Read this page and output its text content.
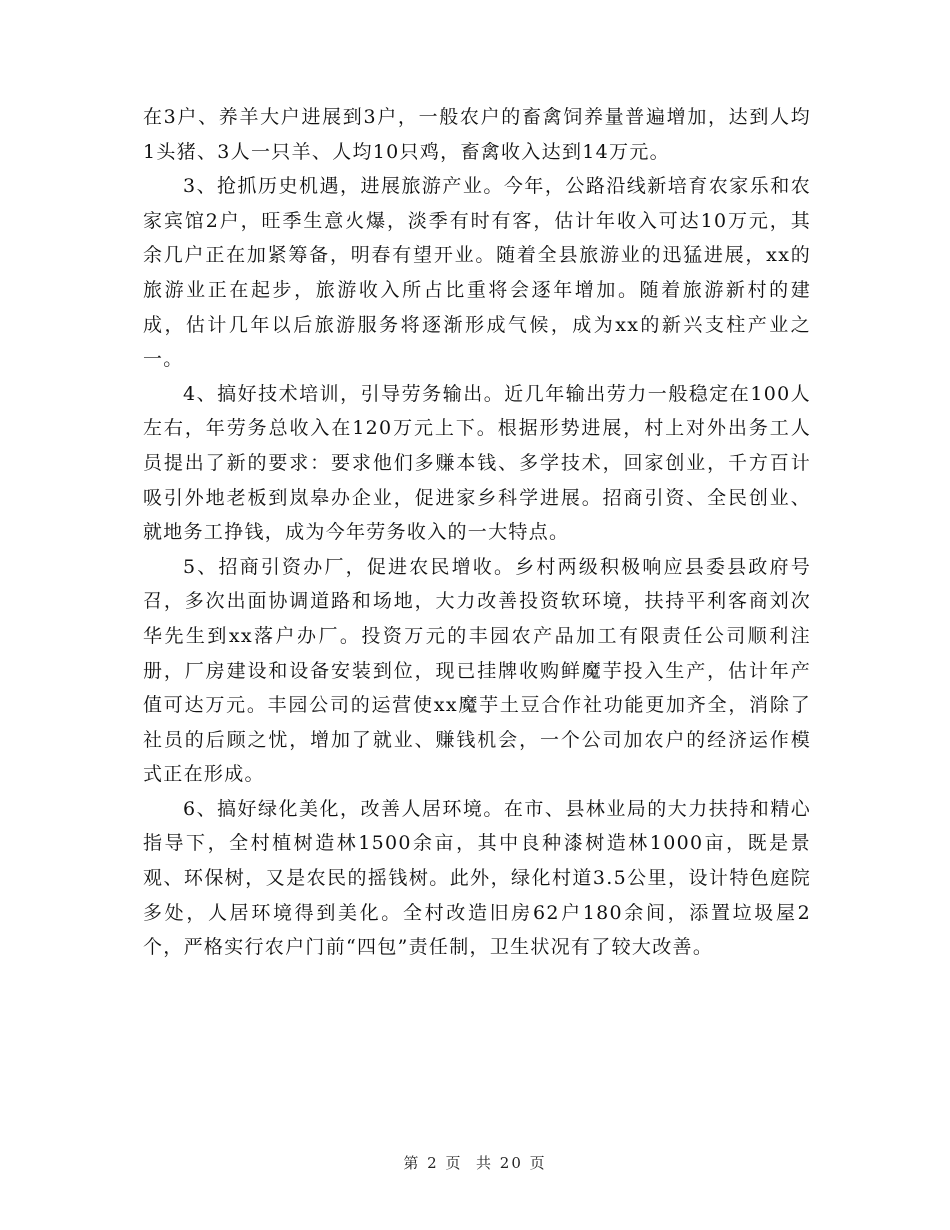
在3户、养羊大户进展到3户，一般农户的畜禽饲养量普遍增加，达到人均1头猪、3人一只羊、人均10只鸡，畜禽收入达到14万元。

3、抢抓历史机遇，进展旅游产业。今年，公路沿线新培育农家乐和农家宾馆2户，旺季生意火爆，淡季有时有客，估计年收入可达10万元，其余几户正在加紧筹备，明春有望开业。随着全县旅游业的迅猛进展，xx的旅游业正在起步，旅游收入所占比重将会逐年增加。随着旅游新村的建成，估计几年以后旅游服务将逐渐形成气候，成为xx的新兴支柱产业之一。

4、搞好技术培训，引导劳务输出。近几年输出劳力一般稳定在100人左右，年劳务总收入在120万元上下。根据形势进展，村上对外出务工人员提出了新的要求：要求他们多赚本钱、多学技术，回家创业，千方百计吸引外地老板到岚皋办企业，促进家乡科学进展。招商引资、全民创业、就地务工挣钱，成为今年劳务收入的一大特点。

5、招商引资办厂，促进农民增收。乡村两级积极响应县委县政府号召，多次出面协调道路和场地，大力改善投资软环境，扶持平利客商刘次华先生到xx落户办厂。投资万元的丰园农产品加工有限责任公司顺利注册，厂房建设和设备安装到位，现已挂牌收购鲜魔芋投入生产，估计年产值可达万元。丰园公司的运营使xx魔芋土豆合作社功能更加齐全，消除了社员的后顾之忧，增加了就业、赚钱机会，一个公司加农户的经济运作模式正在形成。

6、搞好绿化美化，改善人居环境。在市、县林业局的大力扶持和精心指导下，全村植树造林1500余亩，其中良种漆树造林1000亩，既是景观、环保树，又是农民的摇钱树。此外，绿化村道3.5公里，设计特色庭院多处，人居环境得到美化。全村改造旧房62户180余间，添置垃圾屋2个，严格实行农户门前“四包”责任制，卫生状况有了较大改善。

第 2 页  共 20 页
